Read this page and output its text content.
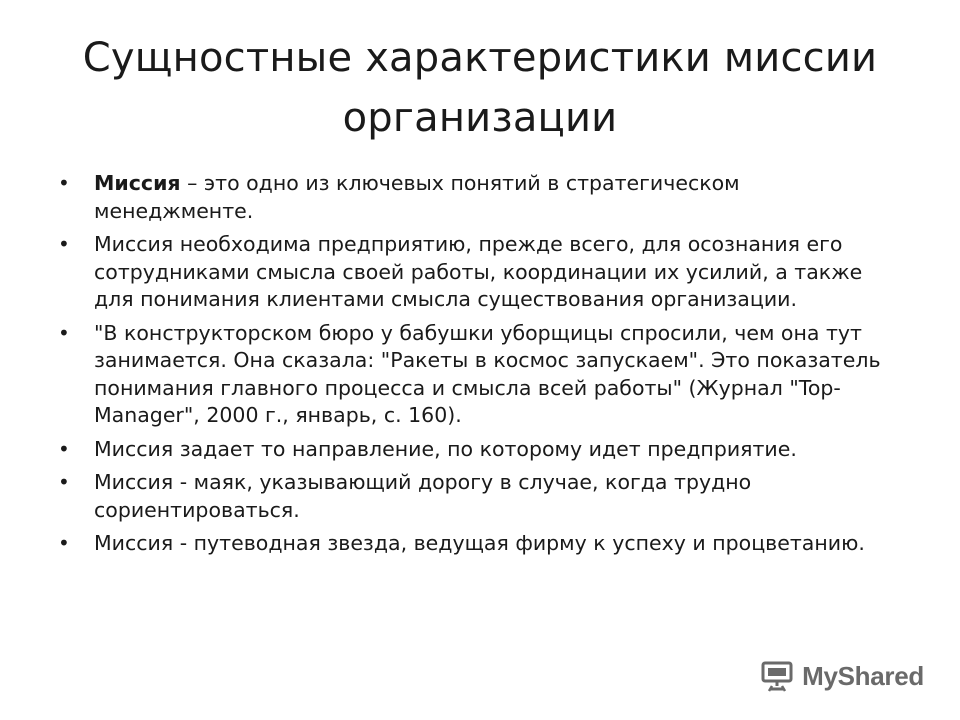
Сущностные характеристики миссии организации
• Миссия – это одно из ключевых понятий в стратегическом менеджменте.
• Миссия необходима предприятию, прежде всего, для осознания его сотрудниками смысла своей работы, координации их усилий, а также для понимания клиентами смысла существования организации.
• "В конструкторском бюро у бабушки уборщицы спросили, чем она тут занимается. Она сказала: "Ракеты в космос запускаем". Это показатель понимания главного процесса и смысла всей работы" (Журнал "Top-Manager", 2000 г., январь, с. 160).
• Миссия задает то направление, по которому идет предприятие.
• Миссия - маяк, указывающий дорогу в случае, когда трудно сориентироваться.
• Миссия - путеводная звезда, ведущая фирму к успеху и процветанию.
MyShared
